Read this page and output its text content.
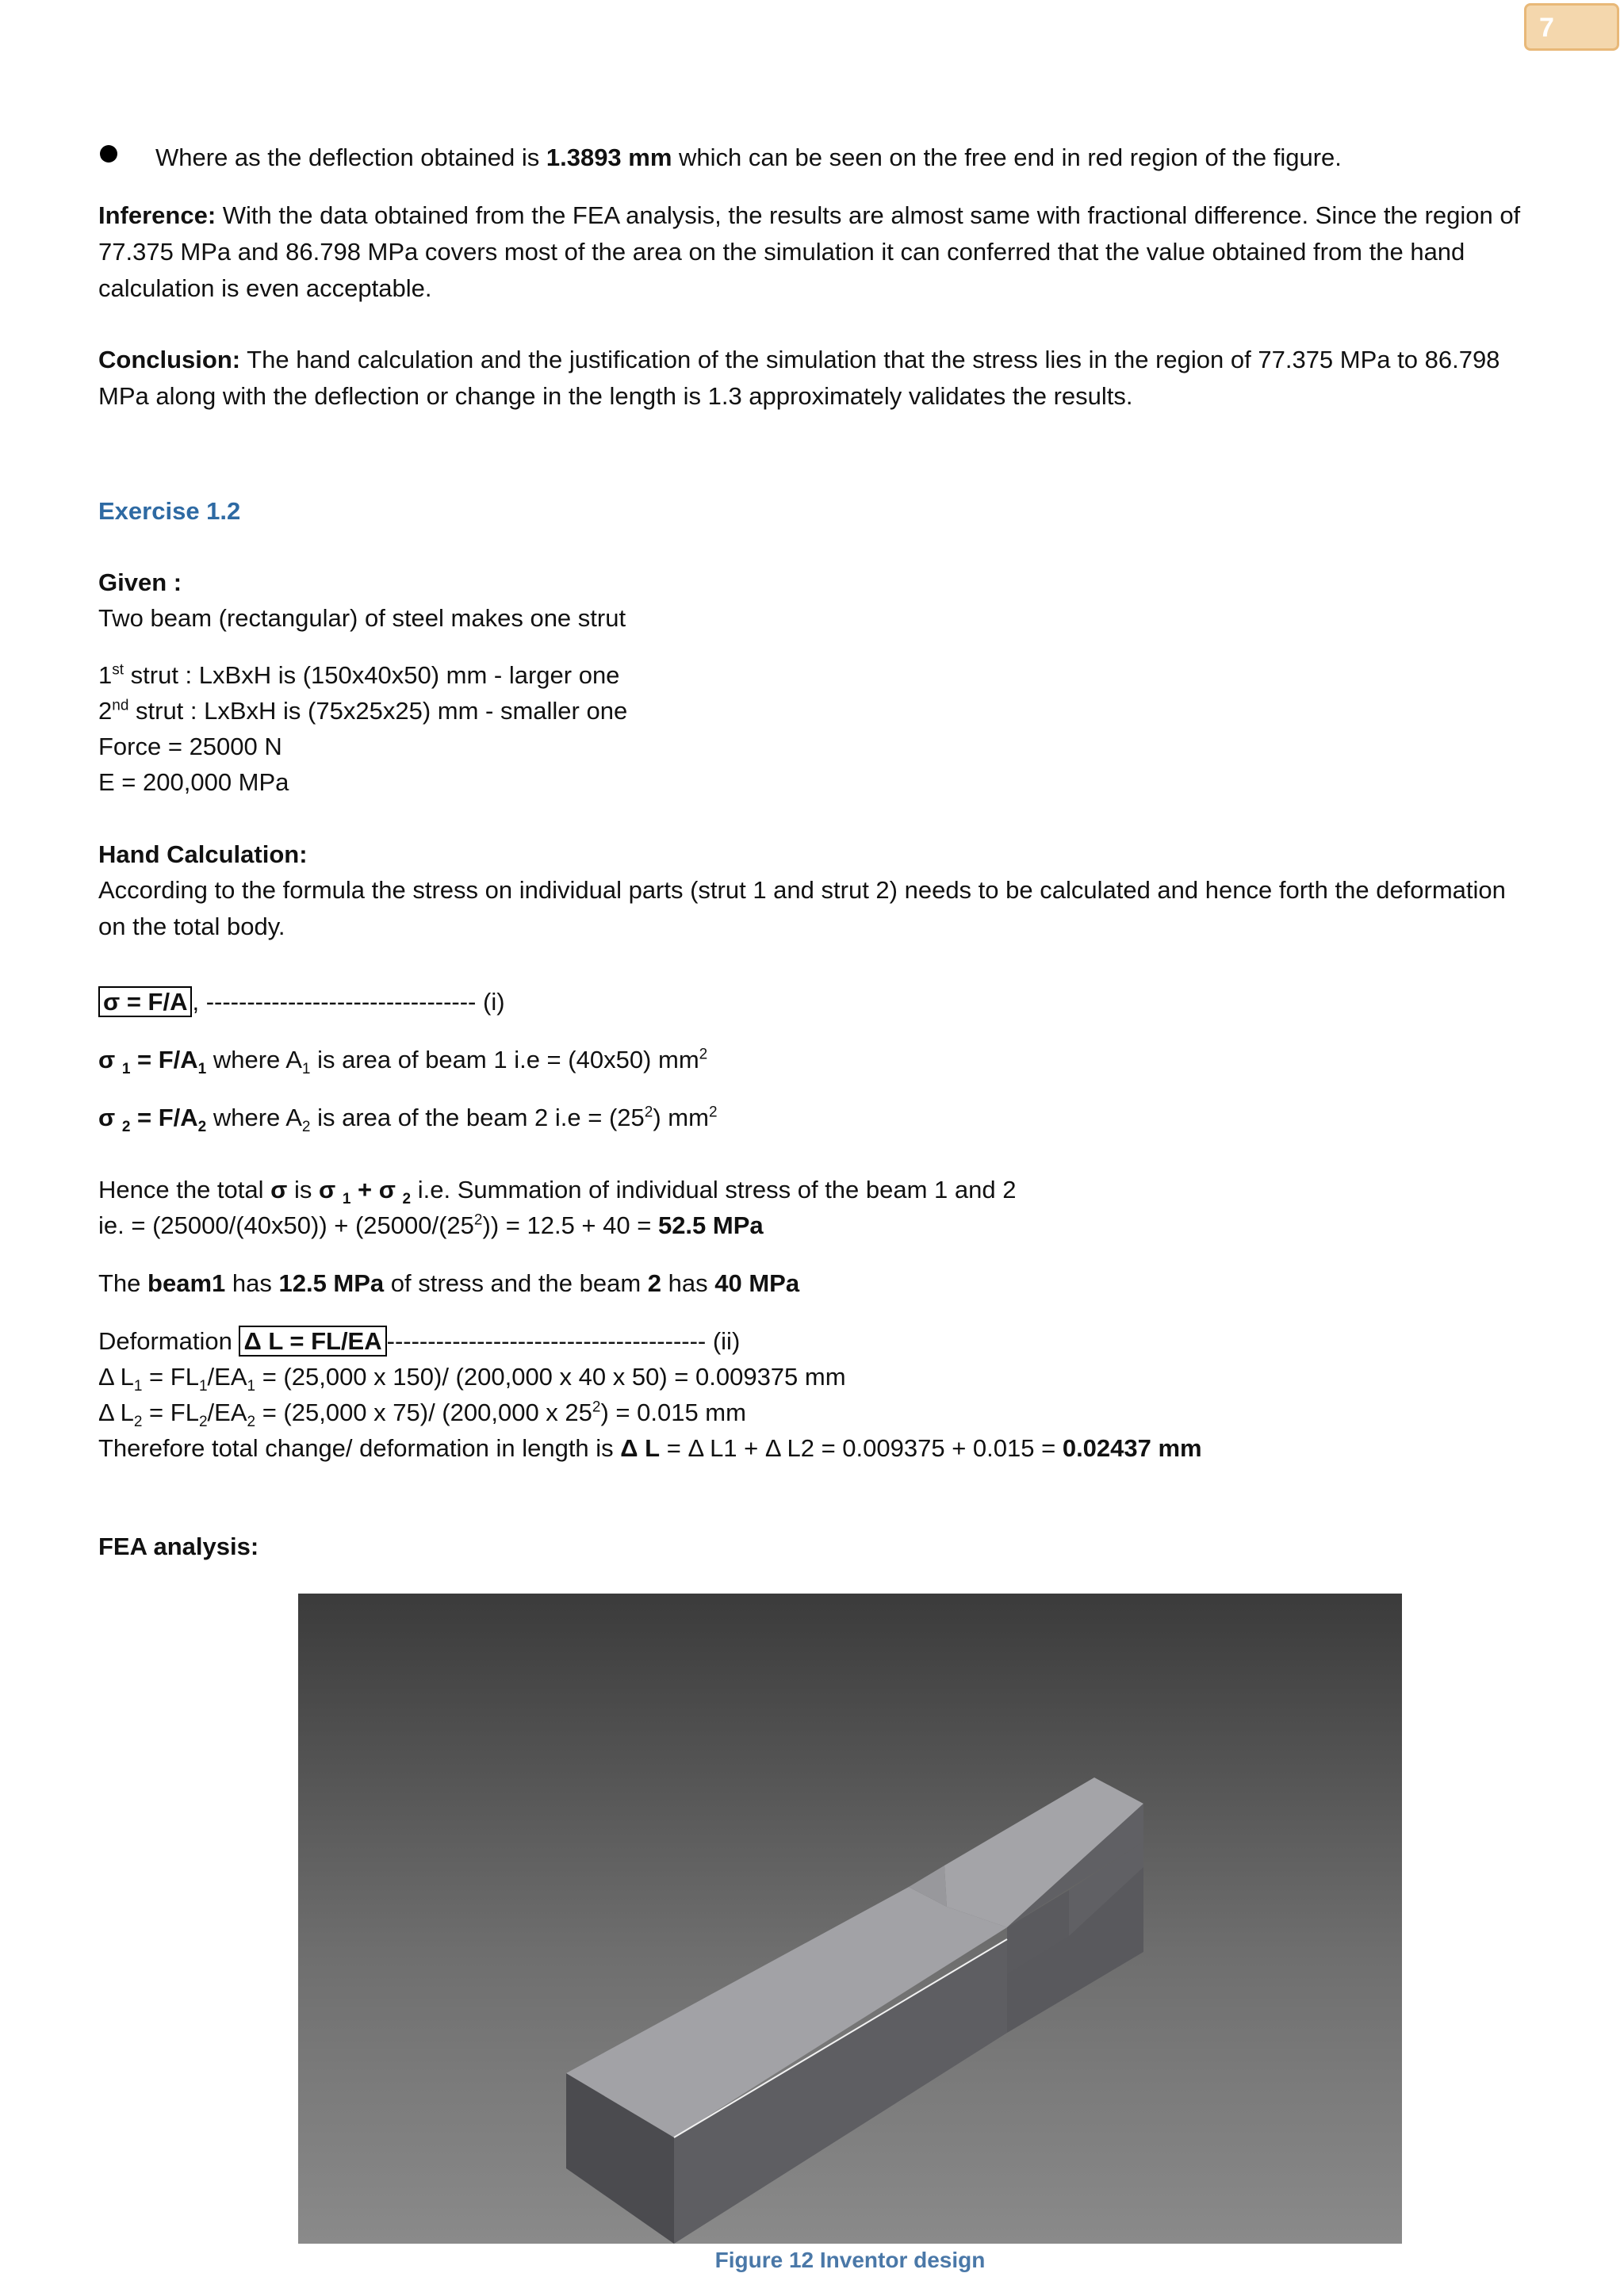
7
Where as the deflection obtained is 1.3893 mm which can be seen on the free end in red region of the figure.
Inference: With the data obtained from the FEA analysis, the results are almost same with fractional difference. Since the region of 77.375 MPa and 86.798 MPa covers most of the area on the simulation it can conferred that the value obtained from the hand calculation is even acceptable.
Conclusion: The hand calculation and the justification of the simulation that the stress lies in the region of 77.375 MPa to 86.798 MPa along with the deflection or change in the length is 1.3 approximately validates the results.
Exercise 1.2
Given :
Two beam (rectangular) of steel makes one strut
1st strut : LxBxH is (150x40x50) mm - larger one
2nd strut : LxBxH is (75x25x25) mm - smaller one
Force = 25000 N
E = 200,000 MPa
Hand Calculation:
According to the formula the stress on individual parts (strut 1 and strut 2) needs to be calculated and hence forth the deformation on the total body.
σ = F/A , --------------------------------- (i)
σ $_1 = F/A_1$ where $A_1$ is area of beam 1 i.e = (40x50) $mm^2$
σ $_2 = F/A_2$ where $A_2$ is area of the beam 2 $i.e = (25^2)$ $mm^2$
Hence the total σ is σ $_1$ + σ $_2$ i.e. Summation of individual stress of the beam 1 and 2
ie. = $(25000/(40x50)) + (25000/(25^2)) = 12.5 + 40 = 52.5$ MPa
The beam1 has 12.5 MPa of stress and the beam 2 has 40 MPa
Deformation Δ L = FL/EA --------------------------------------- (ii)
Δ $L_1 = FL_1/EA_1 = (25,000$ x 150)/ (200,000 x 40 x 50) = 0.009375 mm
Δ $L_2 = FL_2/EA_2 = (25,000$ x 75)/ (200,000 x $25^2) = 0.015$ mm
Therefore total change/ deformation in length is Δ L = Δ L1 + Δ L2 = 0.009375 + 0.015 = 0.02437 mm
FEA analysis:
Figure 12 Inventor design
